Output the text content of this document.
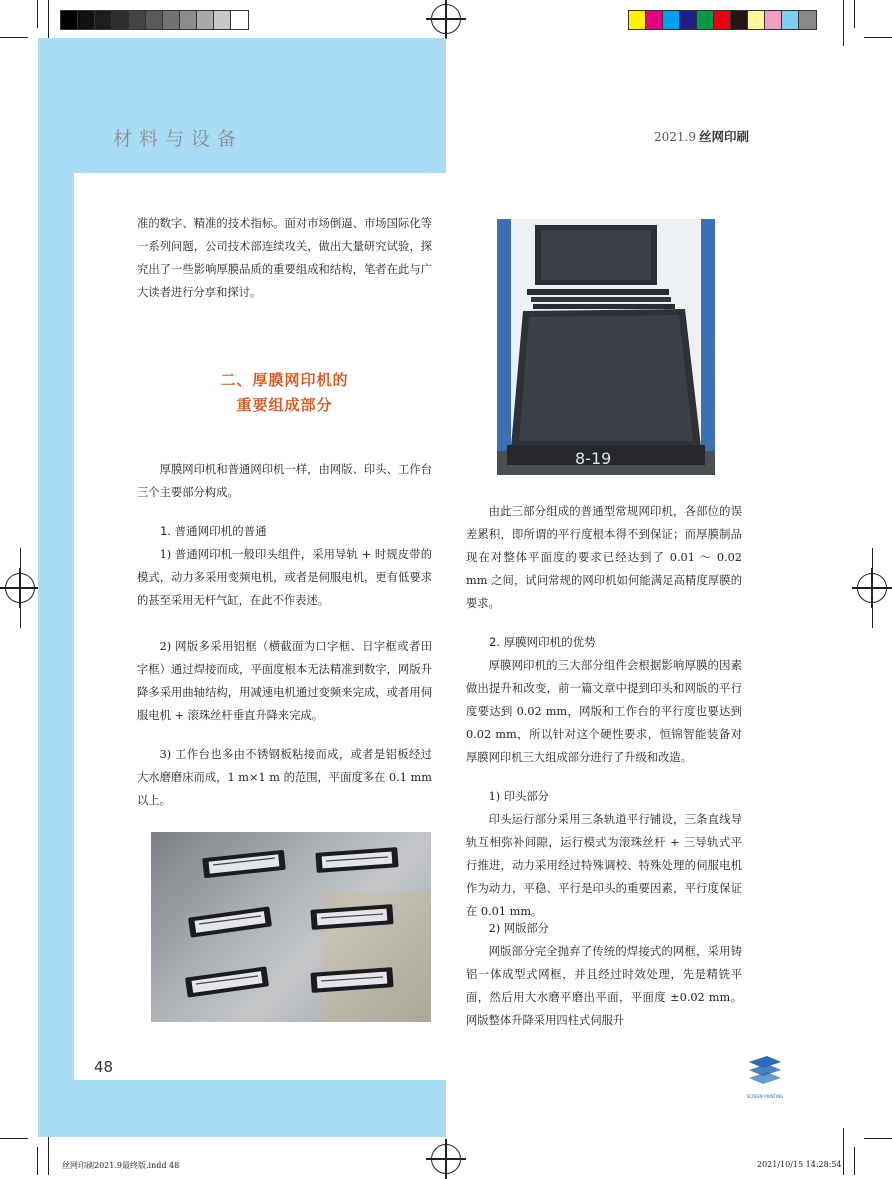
材料与设备	2021.9 丝网印刷
准的数字、精准的技术指标。面对市场倒逼、市场国际化等一系列问题，公司技术部连续攻关，做出大量研究试验，探究出了一些影响厚膜品质的重要组成和结构，笔者在此与广大读者进行分享和探讨。
二、厚膜网印机的
重要组成部分
厚膜网印机和普通网印机一样，由网版、印头、工作台三个主要部分构成。
1. 普通网印机的普通
1) 普通网印机一般印头组件，采用导轨 + 时规皮带的模式，动力多采用变频电机，或者是伺服电机，更有低要求的甚至采用无杆气缸，在此不作表述。
2) 网版多采用铝框（横截面为口字框、日字框或者田字框）通过焊接而成，平面度根本无法精准到数字，网版升降多采用曲轴结构，用减速电机通过变频来完成，或者用伺服电机 + 滚珠丝杆垂直升降来完成。
3) 工作台也多由不锈钢板粘接而成，或者是铝板经过大水磨磨床而成，1 m×1 m 的范围，平面度多在 0.1 mm 以上。
8-19
由此三部分组成的普通型常规网印机，各部位的误差累积，即所谓的平行度根本得不到保证；而厚膜制品现在对整体平面度的要求已经达到了 0.01 ～ 0.02 mm 之间，试问常规的网印机如何能满足高精度厚膜的要求。
2. 厚膜网印机的优势
厚膜网印机的三大部分组件会根据影响厚膜的因素做出提升和改变，前一篇文章中提到印头和网版的平行度要达到 0.02 mm，网版和工作台的平行度也要达到 0.02 mm，所以针对这个硬性要求，恒锦智能装备对厚膜网印机三大组成部分进行了升级和改造。
1) 印头部分
印头运行部分采用三条轨道平行铺设，三条直线导轨互相弥补间隙，运行模式为滚珠丝杆 + 三导轨式平行推进，动力采用经过特殊调校、特殊处理的伺服电机作为动力，平稳、平行是印头的重要因素，平行度保证在 0.01 mm。
2) 网版部分
网版部分完全抛弃了传统的焊接式的网框，采用铸铝一体成型式网框，并且经过时效处理，先是精铣平面，然后用大水磨平磨出平面，平面度 ±0.02 mm。网版整体升降采用四柱式伺服升
48
SCREEN PRINTING
丝网印刷2021.9最终版.indd 48	2021/10/15 14:28:54
